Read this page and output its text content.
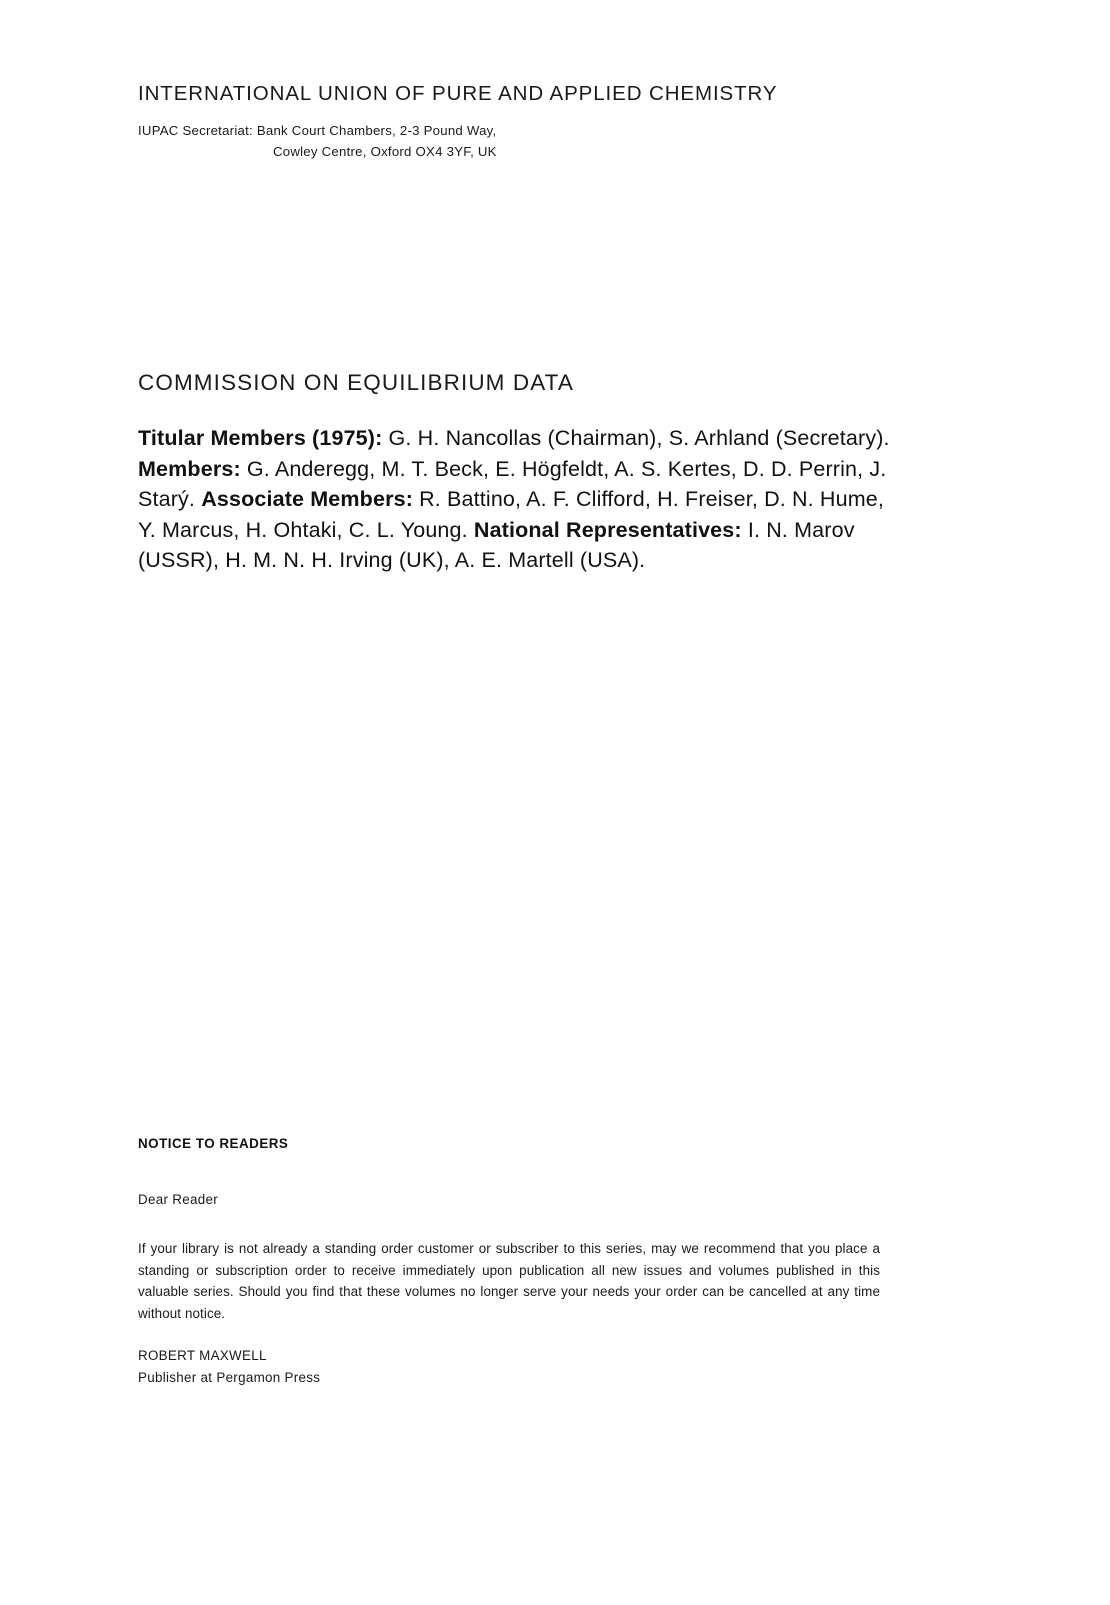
INTERNATIONAL UNION OF PURE AND APPLIED CHEMISTRY
IUPAC Secretariat: Bank Court Chambers, 2-3 Pound Way,
Cowley Centre, Oxford OX4 3YF, UK
COMMISSION ON EQUILIBRIUM DATA
Titular Members (1975): G. H. Nancollas (Chairman), S. Arhland (Secretary).
Members: G. Anderegg, M. T. Beck, E. Högfeldt, A. S. Kertes, D. D. Perrin, J. Starý. Associate Members: R. Battino, A. F. Clifford, H. Freiser, D. N. Hume, Y. Marcus, H. Ohtaki, C. L. Young. National Representatives: I. N. Marov (USSR), H. M. N. H. Irving (UK), A. E. Martell (USA).
NOTICE TO READERS
Dear Reader
If your library is not already a standing order customer or subscriber to this series, may we recommend that you place a standing or subscription order to receive immediately upon publication all new issues and volumes published in this valuable series. Should you find that these volumes no longer serve your needs your order can be cancelled at any time without notice.
ROBERT MAXWELL
Publisher at Pergamon Press
